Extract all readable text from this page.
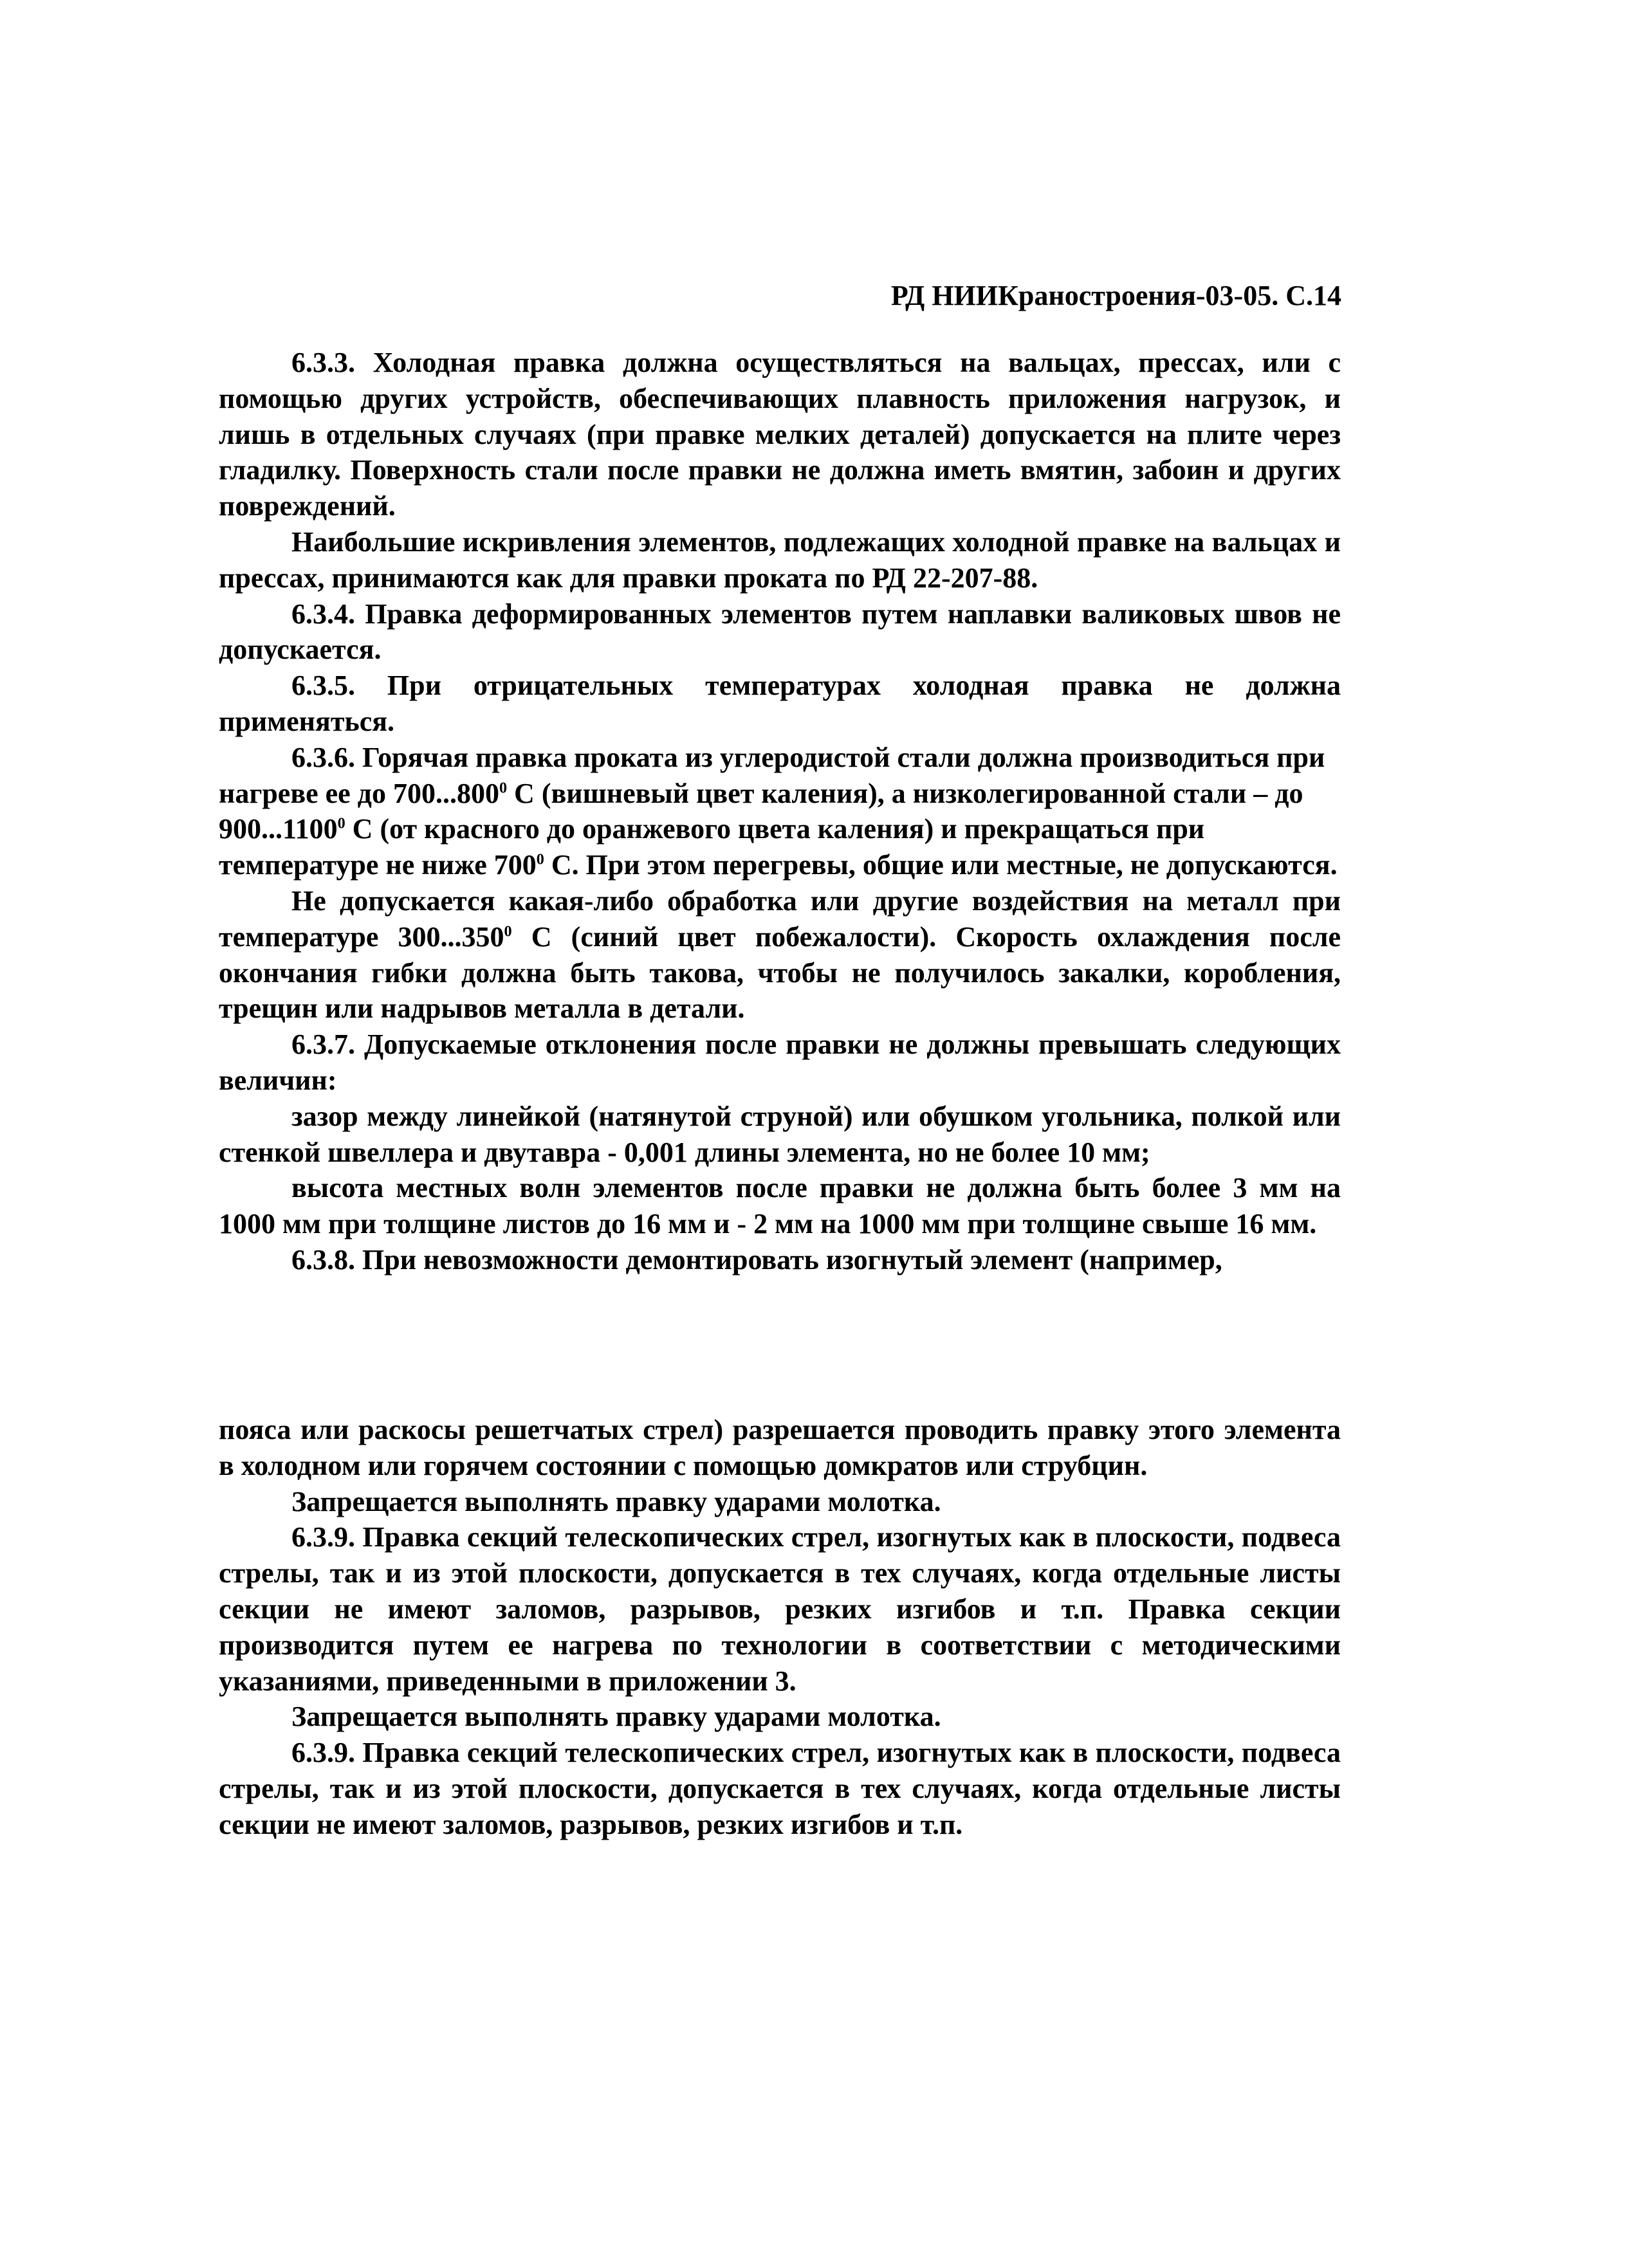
РД НИИКраностроения-03-05. С.14

6.3.3. Холодная правка должна осуществляться на вальцах, прессах, или с помощью других устройств, обеспечивающих плавность приложения нагрузок, и лишь в отдельных случаях (при правке мелких деталей) допускается на плите через гладилку. Поверхность стали после правки не должна иметь вмятин, забоин и других повреждений.

Наибольшие искривления элементов, подлежащих холодной правке на вальцах и прессах, принимаются как для правки проката по РД 22-207-88.

6.3.4. Правка деформированных элементов путем наплавки валиковых швов не допускается.

6.3.5. При отрицательных температурах холодная правка не должна применяться.

6.3.6. Горячая правка проката из углеродистой стали должна производиться при нагреве ее до 700...800$^0$ С (вишневый цвет каления), а низколегированной стали – до 900...1100$^0$ С (от красного до оранжевого цвета каления) и прекращаться при температуре не ниже $700^0$ С. При этом перегревы, общие или местные, не допускаются.

Не допускается какая-либо обработка или другие воздействия на металл при температуре 300...350$^0$ С (синий цвет побежалости). Скорость охлаждения после окончания гибки должна быть такова, чтобы не получилось закалки, коробления, трещин или надрывов металла в детали.

6.3.7. Допускаемые отклонения после правки не должны превышать следующих величин:

зазор между линейкой (натянутой струной) или обушком угольника, полкой или стенкой швеллера и двутавра - 0,001 длины элемента, но не более 10 мм;

высота местных волн элементов после правки не должна быть более 3 мм на 1000 мм при толщине листов до 16 мм и - 2 мм на 1000 мм при толщине свыше 16 мм.

6.3.8. При невозможности демонтировать изогнутый элемент (например,

пояса или раскосы решетчатых стрел) разрешается проводить правку этого элемента в холодном или горячем состоянии с помощью домкратов или струбцин.

Запрещается выполнять правку ударами молотка.

6.3.9. Правка секций телескопических стрел, изогнутых как в плоскости, подвеса стрелы, так и из этой плоскости, допускается в тех случаях, когда отдельные листы секции не имеют заломов, разрывов, резких изгибов и т.п. Правка секции производится путем ее нагрева по технологии в соответствии с методическими указаниями, приведенными в приложении 3.

Запрещается выполнять правку ударами молотка.

6.3.9. Правка секций телескопических стрел, изогнутых как в плоскости, подвеса стрелы, так и из этой плоскости, допускается в тех случаях, когда отдельные листы секции не имеют заломов, разрывов, резких изгибов и т.п.
